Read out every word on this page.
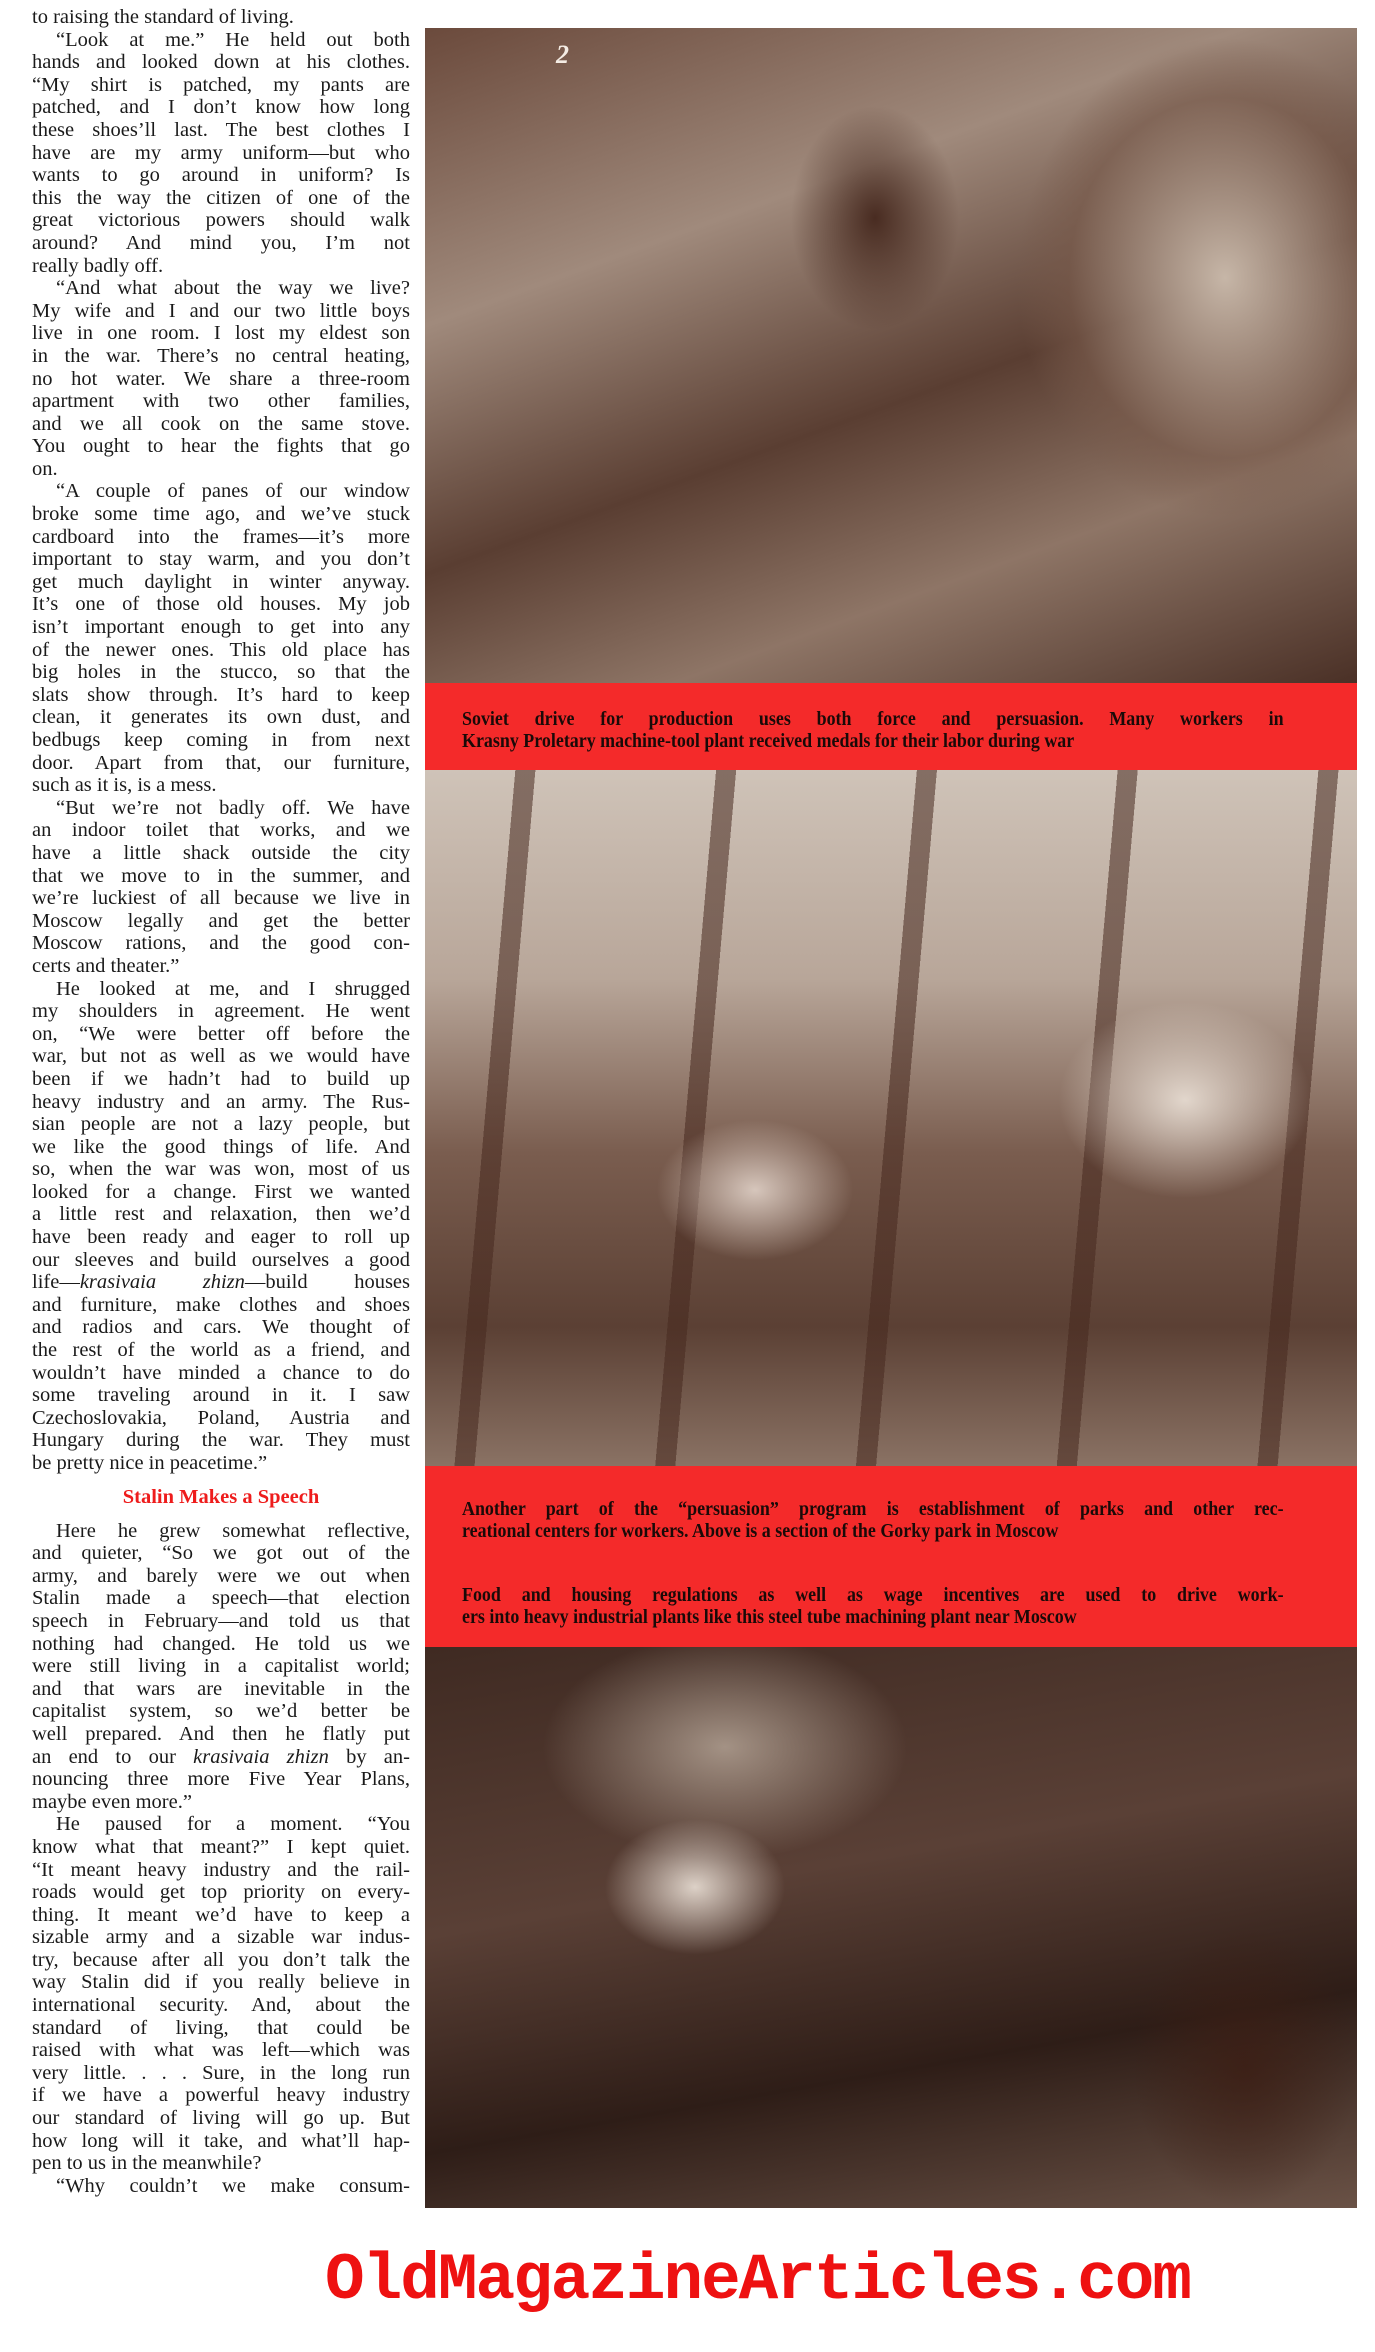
to raising the standard of living.
“Look at me.” He held out both
hands and looked down at his clothes.
“My shirt is patched, my pants are
patched, and I don’t know how long
these shoes’ll last. The best clothes I
have are my army uniform—but who
wants to go around in uniform? Is
this the way the citizen of one of the
great victorious powers should walk
around? And mind you, I’m not
really badly off.
“And what about the way we live?
My wife and I and our two little boys
live in one room. I lost my eldest son
in the war. There’s no central heating,
no hot water. We share a three-room
apartment with two other families,
and we all cook on the same stove.
You ought to hear the fights that go
on.
“A couple of panes of our window
broke some time ago, and we’ve stuck
cardboard into the frames—it’s more
important to stay warm, and you don’t
get much daylight in winter anyway.
It’s one of those old houses. My job
isn’t important enough to get into any
of the newer ones. This old place has
big holes in the stucco, so that the
slats show through. It’s hard to keep
clean, it generates its own dust, and
bedbugs keep coming in from next
door. Apart from that, our furniture,
such as it is, is a mess.
“But we’re not badly off. We have
an indoor toilet that works, and we
have a little shack outside the city
that we move to in the summer, and
we’re luckiest of all because we live in
Moscow legally and get the better
Moscow rations, and the good con-
certs and theater.”
He looked at me, and I shrugged
my shoulders in agreement. He went
on, “We were better off before the
war, but not as well as we would have
been if we hadn’t had to build up
heavy industry and an army. The Rus-
sian people are not a lazy people, but
we like the good things of life. And
so, when the war was won, most of us
looked for a change. First we wanted
a little rest and relaxation, then we’d
have been ready and eager to roll up
our sleeves and build ourselves a good
life—krasivaia zhizn—build houses
and furniture, make clothes and shoes
and radios and cars. We thought of
the rest of the world as a friend, and
wouldn’t have minded a chance to do
some traveling around in it. I saw
Czechoslovakia, Poland, Austria and
Hungary during the war. They must
be pretty nice in peacetime.”
Stalin Makes a Speech
Here he grew somewhat reflective,
and quieter, “So we got out of the
army, and barely were we out when
Stalin made a speech—that election
speech in February—and told us that
nothing had changed. He told us we
were still living in a capitalist world;
and that wars are inevitable in the
capitalist system, so we’d better be
well prepared. And then he flatly put
an end to our krasivaia zhizn by an-
nouncing three more Five Year Plans,
maybe even more.”
He paused for a moment. “You
know what that meant?” I kept quiet.
“It meant heavy industry and the rail-
roads would get top priority on every-
thing. It meant we’d have to keep a
sizable army and a sizable war indus-
try, because after all you don’t talk the
way Stalin did if you really believe in
international security. And, about the
standard of living, that could be
raised with what was left—which was
very little. . . . Sure, in the long run
if we have a powerful heavy industry
our standard of living will go up. But
how long will it take, and what’ll hap-
pen to us in the meanwhile?
“Why couldn’t we make consum-
2
Soviet drive for production uses both force and persuasion. Many workers in
Krasny Proletary machine-tool plant received medals for their labor during war
Another part of the “persuasion” program is establishment of parks and other rec-
reational centers for workers. Above is a section of the Gorky park in Moscow
Food and housing regulations as well as wage incentives are used to drive work-
ers into heavy industrial plants like this steel tube machining plant near Moscow
OldMagazineArticles.com
